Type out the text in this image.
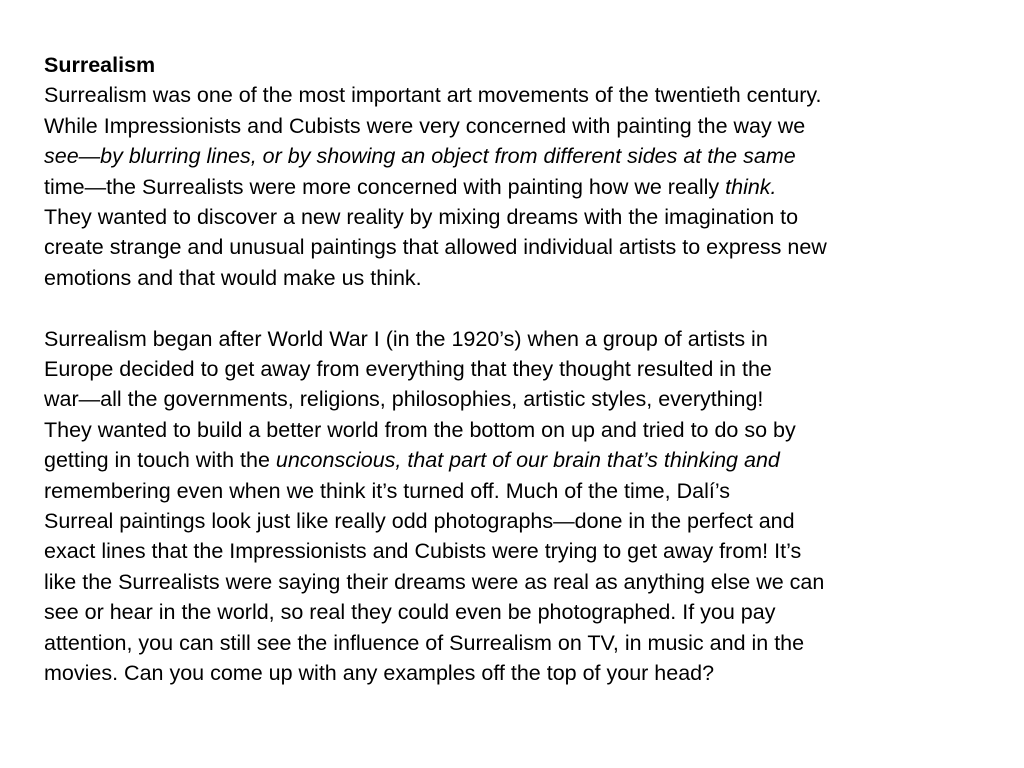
Surrealism
Surrealism was one of the most important art movements of the twentieth century.
While Impressionists and Cubists were very concerned with painting the way we
see—by blurring lines, or by showing an object from different sides at the same
time—the Surrealists were more concerned with painting how we really think.
They wanted to discover a new reality by mixing dreams with the imagination to
create strange and unusual paintings that allowed individual artists to express new
emotions and that would make us think.
Surrealism began after World War I (in the 1920’s) when a group of artists in
Europe decided to get away from everything that they thought resulted in the
war—all the governments, religions, philosophies, artistic styles, everything!
They wanted to build a better world from the bottom on up and tried to do so by
getting in touch with the unconscious, that part of our brain that’s thinking and
remembering even when we think it’s turned off. Much of the time, Dalí’s
Surreal paintings look just like really odd photographs—done in the perfect and
exact lines that the Impressionists and Cubists were trying to get away from! It’s
like the Surrealists were saying their dreams were as real as anything else we can
see or hear in the world, so real they could even be photographed. If you pay
attention, you can still see the influence of Surrealism on TV, in music and in the
movies. Can you come up with any examples off the top of your head?
